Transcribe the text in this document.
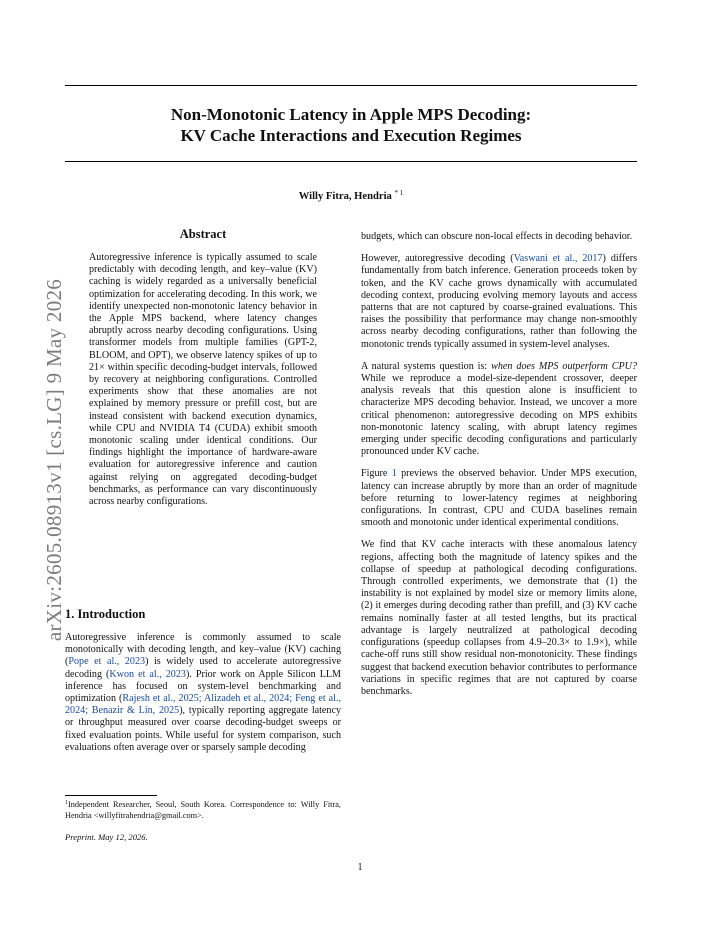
arXiv:2605.08913v1 [cs.LG] 9 May 2026
Non-Monotonic Latency in Apple MPS Decoding:
KV Cache Interactions and Execution Regimes
Willy Fitra, Hendria $^{* 1}$
Abstract

Autoregressive inference is typically assumed to scale predictably with decoding length, and key–value (KV) caching is widely regarded as a universally beneficial optimization for accelerating decoding. In this work, we identify unexpected non-monotonic latency behavior in the Apple MPS backend, where latency changes abruptly across nearby decoding configurations. Using transformer models from multiple families (GPT-2, BLOOM, and OPT), we observe latency spikes of up to 21× within specific decoding-budget intervals, followed by recovery at neighboring configurations. Controlled experiments show that these anomalies are not explained by memory pressure or prefill cost, but are instead consistent with backend execution dynamics, while CPU and NVIDIA T4 (CUDA) exhibit smooth monotonic scaling under identical conditions. Our findings highlight the importance of hardware-aware evaluation for autoregressive inference and caution against relying on aggregated decoding-budget benchmarks, as performance can vary discontinuously across nearby configurations.

1. Introduction

Autoregressive inference is commonly assumed to scale monotonically with decoding length, and key–value (KV) caching (Pope et al., 2023) is widely used to accelerate autoregressive decoding (Kwon et al., 2023). Prior work on Apple Silicon LLM inference has focused on system-level benchmarking and optimization (Rajesh et al., 2025; Alizadeh et al., 2024; Feng et al., 2024; Benazir & Lin, 2025), typically reporting aggregate latency or throughput measured over coarse decoding-budget sweeps or fixed evaluation points. While useful for system comparison, such evaluations often average over or sparsely sample decoding

$^1$Independent Researcher, Seoul, South Korea. Correspondence to: Willy Fitra, Hendria <willyfitrahendria@gmail.com>.
Preprint. May 12, 2026.

budgets, which can obscure non-local effects in decoding behavior.

However, autoregressive decoding (Vaswani et al., 2017) differs fundamentally from batch inference. Generation proceeds token by token, and the KV cache grows dynamically with accumulated decoding context, producing evolving memory layouts and access patterns that are not captured by coarse-grained evaluations. This raises the possibility that performance may change non-smoothly across nearby decoding configurations, rather than following the monotonic trends typically assumed in system-level analyses.

A natural systems question is: when does MPS outperform CPU? While we reproduce a model-size-dependent crossover, deeper analysis reveals that this question alone is insufficient to characterize MPS decoding behavior. Instead, we uncover a more critical phenomenon: autoregressive decoding on MPS exhibits non-monotonic latency scaling, with abrupt latency regimes emerging under specific decoding configurations and particularly pronounced under KV cache.

Figure 1 previews the observed behavior. Under MPS execution, latency can increase abruptly by more than an order of magnitude before returning to lower-latency regimes at neighboring configurations. In contrast, CPU and CUDA baselines remain smooth and monotonic under identical experimental conditions.

We find that KV cache interacts with these anomalous latency regions, affecting both the magnitude of latency spikes and the collapse of speedup at pathological decoding configurations. Through controlled experiments, we demonstrate that (1) the instability is not explained by model size or memory limits alone, (2) it emerges during decoding rather than prefill, and (3) KV cache remains nominally faster at all tested lengths, but its practical advantage is largely neutralized at pathological decoding configurations (speedup collapses from 4.9–20.3× to 1.9×), while cache-off runs still show residual non-monotonicity. These findings suggest that backend execution behavior contributes to performance variations in specific regimes that are not captured by coarse benchmarks.

1
